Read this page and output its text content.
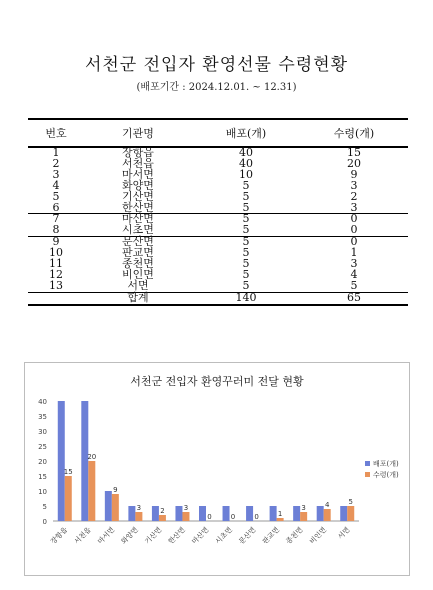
서천군 전입자 환영선물 수령현황
(배포기간 : 2024.12.01. ~ 12.31)
번호	기관명	배포(개)	수령(개)
1	장항읍	40	15
2	서천읍	40	20
3	마서면	10	9
4	화양면	5	3
5	기산면	5	2
6	한산면	5	3
7	마산면	5	0
8	시초면	5	0
9	문산면	5	0
10	판교면	5	1
11	종천면	5	3
12	비인면	5	4
13	서면	5	5
	합계	140	65
서천군 전입자 환영꾸러미 전달 현황
0
5
10
15
20
25
30
35
40
15
장항읍
20
서천읍
9
마서면
3
화양면
2
기산면
3
한산면
0
마산면
0
시초면
0
문산면
1
판교면
3
종천면
4
비인면
5
서면
배포(개)
수령(개)
